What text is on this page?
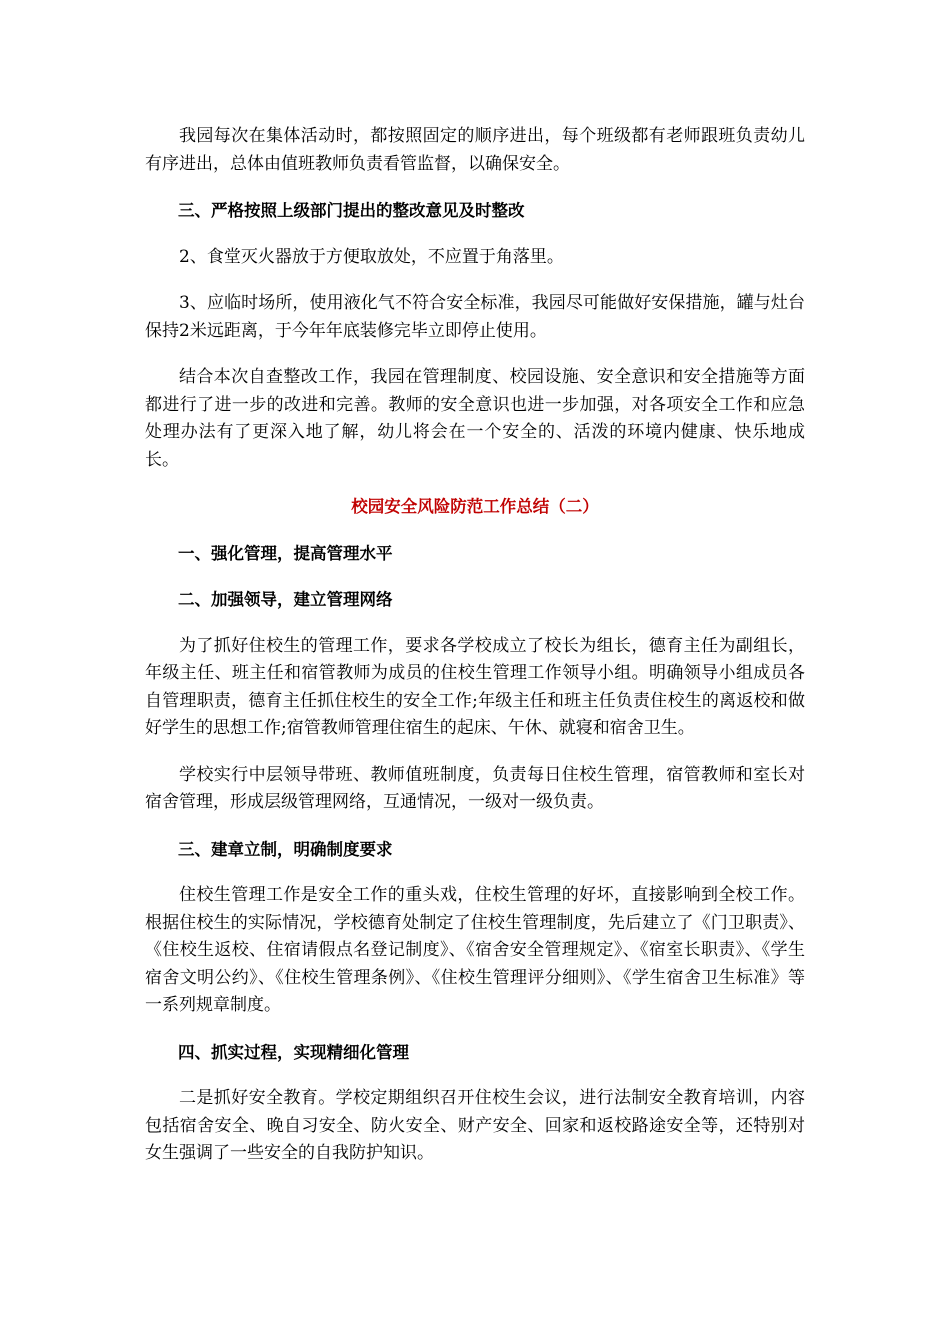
我园每次在集体活动时，都按照固定的顺序进出，每个班级都有老师跟班负责幼儿有序进出，总体由值班教师负责看管监督，以确保安全。

三、严格按照上级部门提出的整改意见及时整改

2、食堂灭火器放于方便取放处，不应置于角落里。

3、应临时场所，使用液化气不符合安全标准，我园尽可能做好安保措施，罐与灶台保持2米远距离，于今年年底装修完毕立即停止使用。

结合本次自查整改工作，我园在管理制度、校园设施、安全意识和安全措施等方面都进行了进一步的改进和完善。教师的安全意识也进一步加强，对各项安全工作和应急处理办法有了更深入地了解，幼儿将会在一个安全的、活泼的环境内健康、快乐地成长。

校园安全风险防范工作总结（二）

一、强化管理，提高管理水平

二、加强领导，建立管理网络

为了抓好住校生的管理工作，要求各学校成立了校长为组长，德育主任为副组长，年级主任、班主任和宿管教师为成员的住校生管理工作领导小组。明确领导小组成员各自管理职责，德育主任抓住校生的安全工作;年级主任和班主任负责住校生的离返校和做好学生的思想工作;宿管教师管理住宿生的起床、午休、就寝和宿舍卫生。

学校实行中层领导带班、教师值班制度，负责每日住校生管理，宿管教师和室长对宿舍管理，形成层级管理网络，互通情况，一级对一级负责。

三、建章立制，明确制度要求

住校生管理工作是安全工作的重头戏，住校生管理的好坏，直接影响到全校工作。根据住校生的实际情况，学校德育处制定了住校生管理制度，先后建立了《门卫职责》、《住校生返校、住宿请假点名登记制度》、《宿舍安全管理规定》、《宿室长职责》、《学生宿舍文明公约》、《住校生管理条例》、《住校生管理评分细则》、《学生宿舍卫生标准》等一系列规章制度。

四、抓实过程，实现精细化管理

二是抓好安全教育。学校定期组织召开住校生会议，进行法制安全教育培训，内容包括宿舍安全、晚自习安全、防火安全、财产安全、回家和返校路途安全等，还特别对女生强调了一些安全的自我防护知识。
